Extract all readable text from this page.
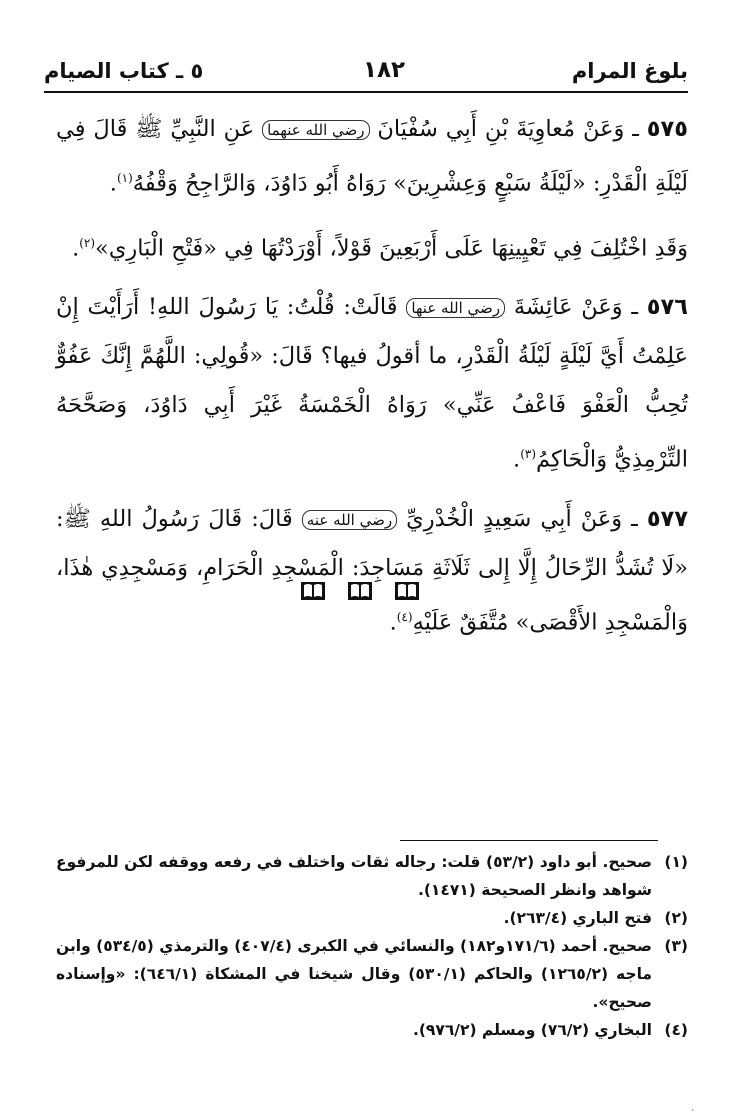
بلوغ المرام
١٨٢
٥ ـ كتاب الصيام

٥٧٥ ـ وَعَنْ مُعاوِيَةَ بْنِ أَبِي سُفْيَانَ رضي الله عنهما عَنِ النَّبِيِّ ﷺ قَالَ فِي لَيْلَةِ الْقَدْرِ: «لَيْلَةُ سَبْعٍ وَعِشْرِينَ» رَوَاهُ أَبُو دَاوُدَ، وَالرَّاجِحُ وَقْفُهُ$^{(١)}$.

وَقَدِ اخْتُلِفَ فِي تَعْيِينِهَا عَلَى أَرْبَعِينَ قَوْلاً، أَوْرَدْتُهَا فِي «فَتْحِ الْبَارِي»$^{(٢)}$.

٥٧٦ ـ وَعَنْ عَائِشَةَ رضي الله عنها قَالَتْ: قُلْتُ: يَا رَسُولَ اللهِ! أَرَأَيْتَ إِنْ عَلِمْتُ أَيَّ لَيْلَةٍ لَيْلَةُ الْقَدْرِ، ما أقولُ فيها؟ قَالَ: «قُولِي: اللَّهُمَّ إِنَّكَ عَفُوٌّ تُحِبُّ الْعَفْوَ فَاعْفُ عَنِّي» رَوَاهُ الْخَمْسَةُ غَيْرَ أَبِي دَاوُدَ، وَصَحَّحَهُ التِّرْمِذِيُّ وَالْحَاكِمُ$^{(٣)}$.

٥٧٧ ـ وَعَنْ أَبِي سَعِيدٍ الْخُدْرِيِّ رضي الله عنه قَالَ: قَالَ رَسُولُ اللهِ ﷺ: «لَا تُشَدُّ الرِّحَالُ إِلَّا إِلى ثَلَاثَةِ مَسَاجِدَ: الْمَسْجِدِ الْحَرَامِ، وَمَسْجِدِي هٰذَا، وَالْمَسْجِدِ الأَقْصَى» مُتَّفَقٌ عَلَيْهِ$^{(٤)}$.

(١)
صحيح. أبو داود (٥٣/٢) قلت: رجاله ثقات واختلف في رفعه ووقفه لكن للمرفوع شواهد وانظر الصحيحة (١٤٧١).
(٢)
فتح الباري (٢٦٣/٤).
(٣)
صحيح. أحمد (١٧١/٦و١٨٢) والنسائي في الكبرى (٤٠٧/٤) والترمذي (٥٣٤/٥) وابن ماجه (١٢٦٥/٢) والحاكم (٥٣٠/١) وقال شيخنا في المشكاة (٦٤٦/١): «وإسناده صحيح».
(٤)
البخاري (٧٦/٢) ومسلم (٩٧٦/٢).
·
